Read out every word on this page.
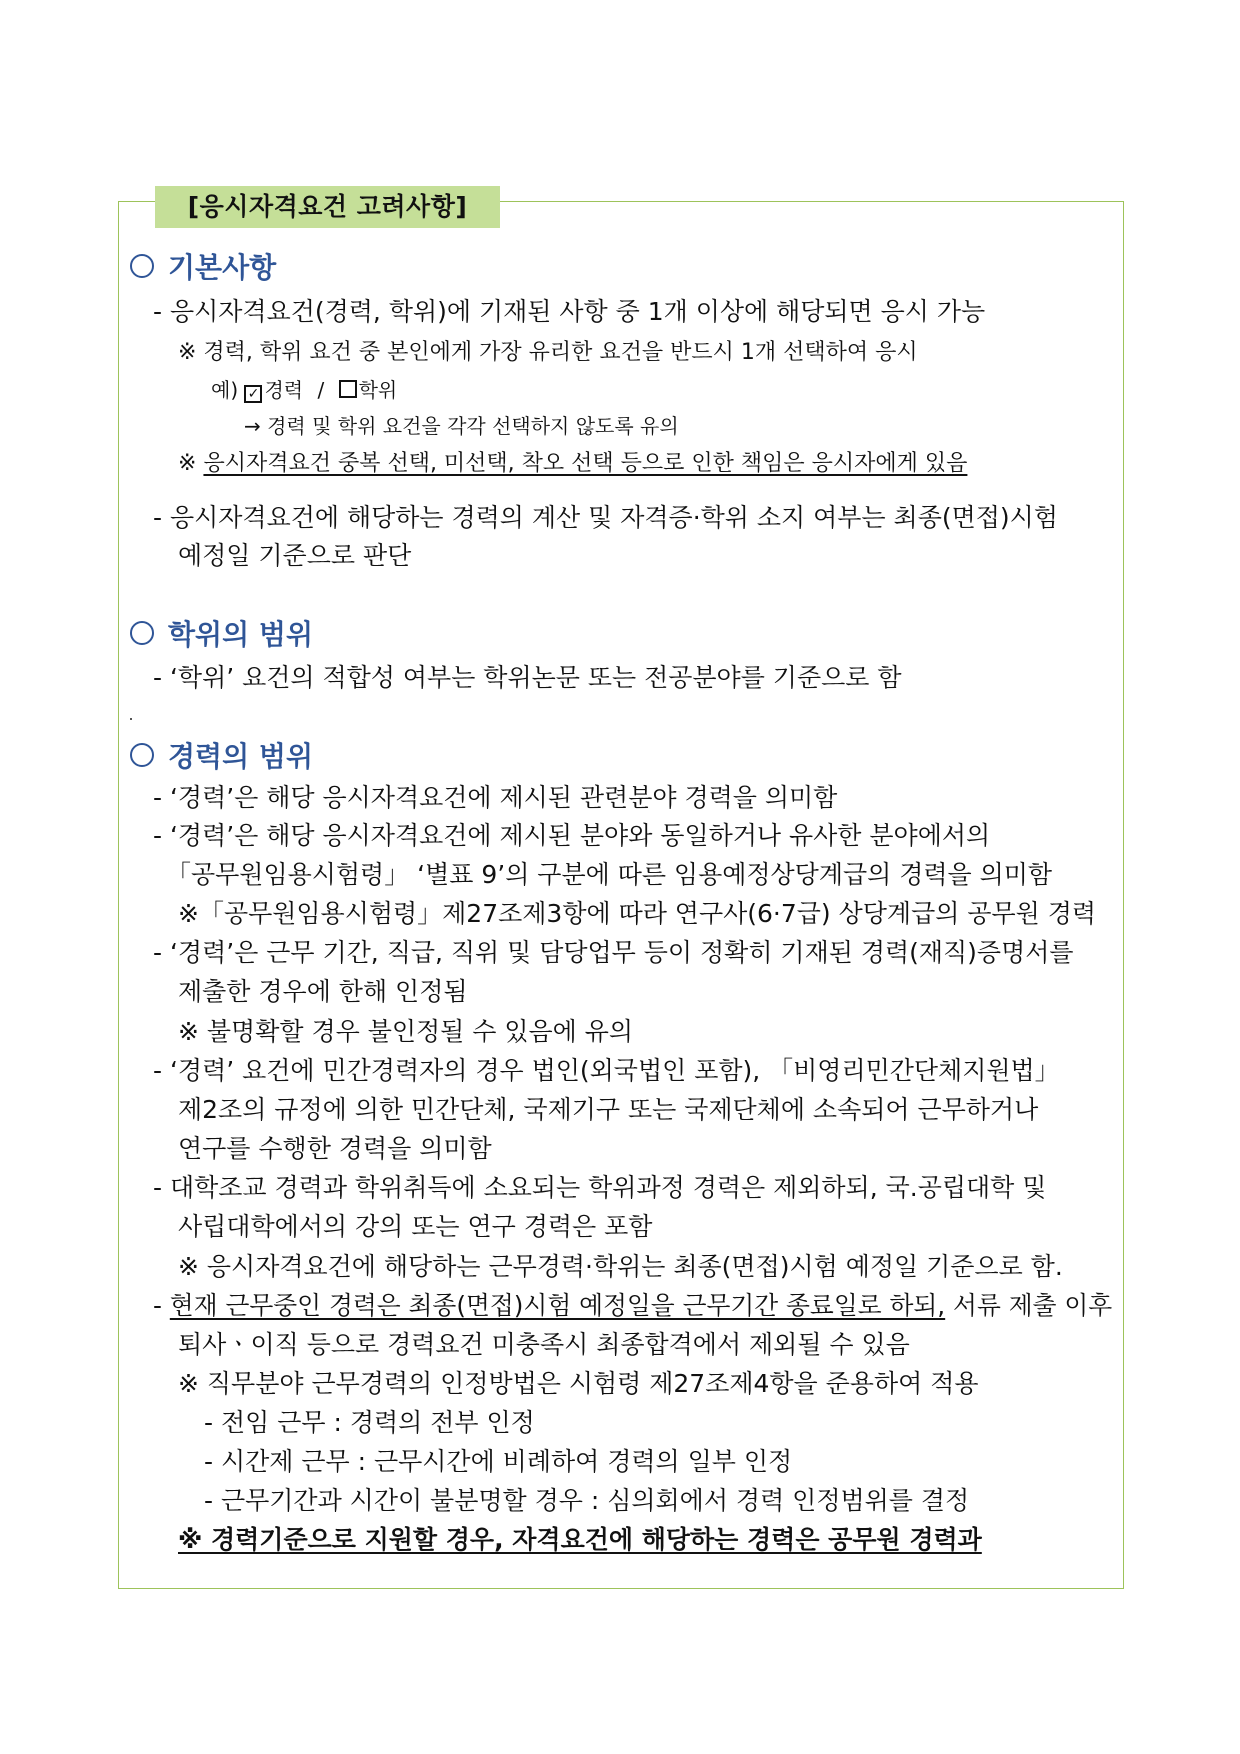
[응시자격요건 고려사항]
기본사항
- 응시자격요건(경력, 학위)에 기재된 사항 중 1개 이상에 해당되면 응시 가능
※ 경력, 학위 요건 중 본인에게 가장 유리한 요건을 반드시 1개 선택하여 응시
예) ✓ 경력 / 학위
→ 경력 및 학위 요건을 각각 선택하지 않도록 유의
※ 응시자격요건 중복 선택, 미선택, 착오 선택 등으로 인한 책임은 응시자에게 있음
- 응시자격요건에 해당하는 경력의 계산 및 자격증·학위 소지 여부는 최종(면접)시험
예정일 기준으로 판단
학위의 범위
- ‘학위’ 요건의 적합성 여부는 학위논문 또는 전공분야를 기준으로 함
경력의 범위
- ‘경력’은 해당 응시자격요건에 제시된 관련분야 경력을 의미함
- ‘경력’은 해당 응시자격요건에 제시된 분야와 동일하거나 유사한 분야에서의
「공무원임용시험령」 ‘별표 9’의 구분에 따른 임용예정상당계급의 경력을 의미함
※「공무원임용시험령」제27조제3항에 따라 연구사(6·7급) 상당계급의 공무원 경력
- ‘경력’은 근무 기간, 직급, 직위 및 담당업무 등이 정확히 기재된 경력(재직)증명서를
제출한 경우에 한해 인정됨
※ 불명확할 경우 불인정될 수 있음에 유의
- ‘경력’ 요건에 민간경력자의 경우 법인(외국법인 포함), 「비영리민간단체지원법」
제2조의 규정에 의한 민간단체, 국제기구 또는 국제단체에 소속되어 근무하거나
연구를 수행한 경력을 의미함
- 대학조교 경력과 학위취득에 소요되는 학위과정 경력은 제외하되, 국.공립대학 및
사립대학에서의 강의 또는 연구 경력은 포함
※ 응시자격요건에 해당하는 근무경력·학위는 최종(면접)시험 예정일 기준으로 함.
- 현재 근무중인 경력은 최종(면접)시험 예정일을 근무기간 종료일로 하되, 서류 제출 이후
퇴사ㆍ이직 등으로 경력요건 미충족시 최종합격에서 제외될 수 있음
※ 직무분야 근무경력의 인정방법은 시험령 제27조제4항을 준용하여 적용
- 전임 근무 : 경력의 전부 인정
- 시간제 근무 : 근무시간에 비례하여 경력의 일부 인정
- 근무기간과 시간이 불분명할 경우 : 심의회에서 경력 인정범위를 결정
※ 경력기준으로 지원할 경우, 자격요건에 해당하는 경력은 공무원 경력과
